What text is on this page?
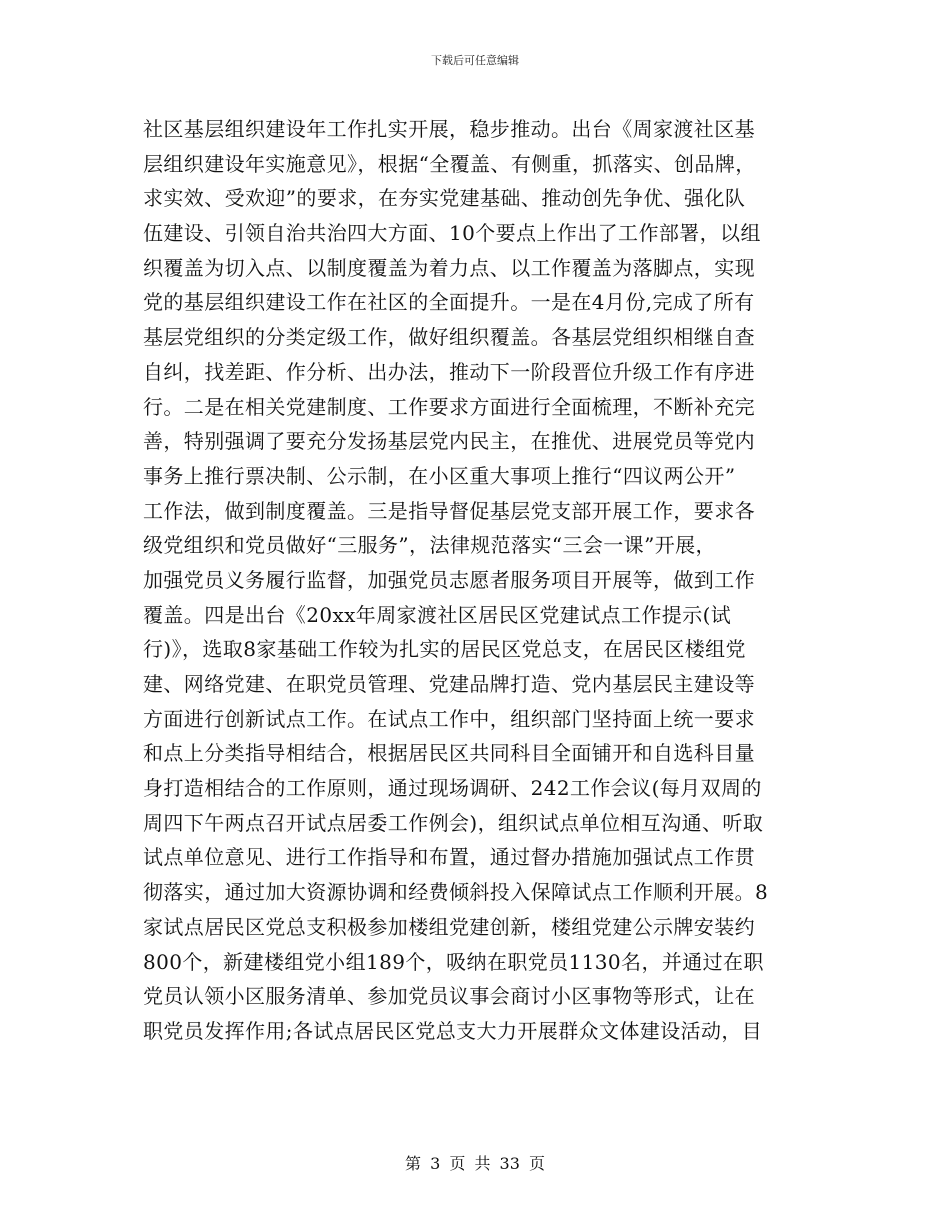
下载后可任意编辑
社区基层组织建设年工作扎实开展，稳步推动。出台《周家渡社区基
层组织建设年实施意见》，根据“全覆盖、有侧重，抓落实、创品牌，
求实效、受欢迎”的要求，在夯实党建基础、推动创先争优、强化队
伍建设、引领自治共治四大方面、10个要点上作出了工作部署，以组
织覆盖为切入点、以制度覆盖为着力点、以工作覆盖为落脚点，实现
党的基层组织建设工作在社区的全面提升。一是在4月份,完成了所有
基层党组织的分类定级工作，做好组织覆盖。各基层党组织相继自查
自纠，找差距、作分析、出办法，推动下一阶段晋位升级工作有序进
行。二是在相关党建制度、工作要求方面进行全面梳理，不断补充完
善，特别强调了要充分发扬基层党内民主，在推优、进展党员等党内
事务上推行票决制、公示制，在小区重大事项上推行“四议两公开”
工作法，做到制度覆盖。三是指导督促基层党支部开展工作，要求各
级党组织和党员做好“三服务”，法律规范落实“三会一课”开展，
加强党员义务履行监督，加强党员志愿者服务项目开展等，做到工作
覆盖。四是出台《20xx年周家渡社区居民区党建试点工作提示(试
行)》，选取8家基础工作较为扎实的居民区党总支，在居民区楼组党
建、网络党建、在职党员管理、党建品牌打造、党内基层民主建设等
方面进行创新试点工作。在试点工作中，组织部门坚持面上统一要求
和点上分类指导相结合，根据居民区共同科目全面铺开和自选科目量
身打造相结合的工作原则，通过现场调研、242工作会议(每月双周的
周四下午两点召开试点居委工作例会)，组织试点单位相互沟通、听取
试点单位意见、进行工作指导和布置，通过督办措施加强试点工作贯
彻落实，通过加大资源协调和经费倾斜投入保障试点工作顺利开展。8
家试点居民区党总支积极参加楼组党建创新，楼组党建公示牌安装约
800个，新建楼组党小组189个，吸纳在职党员1130名，并通过在职
党员认领小区服务清单、参加党员议事会商讨小区事物等形式，让在
职党员发挥作用;各试点居民区党总支大力开展群众文体建设活动，目
第 3 页 共 33 页
